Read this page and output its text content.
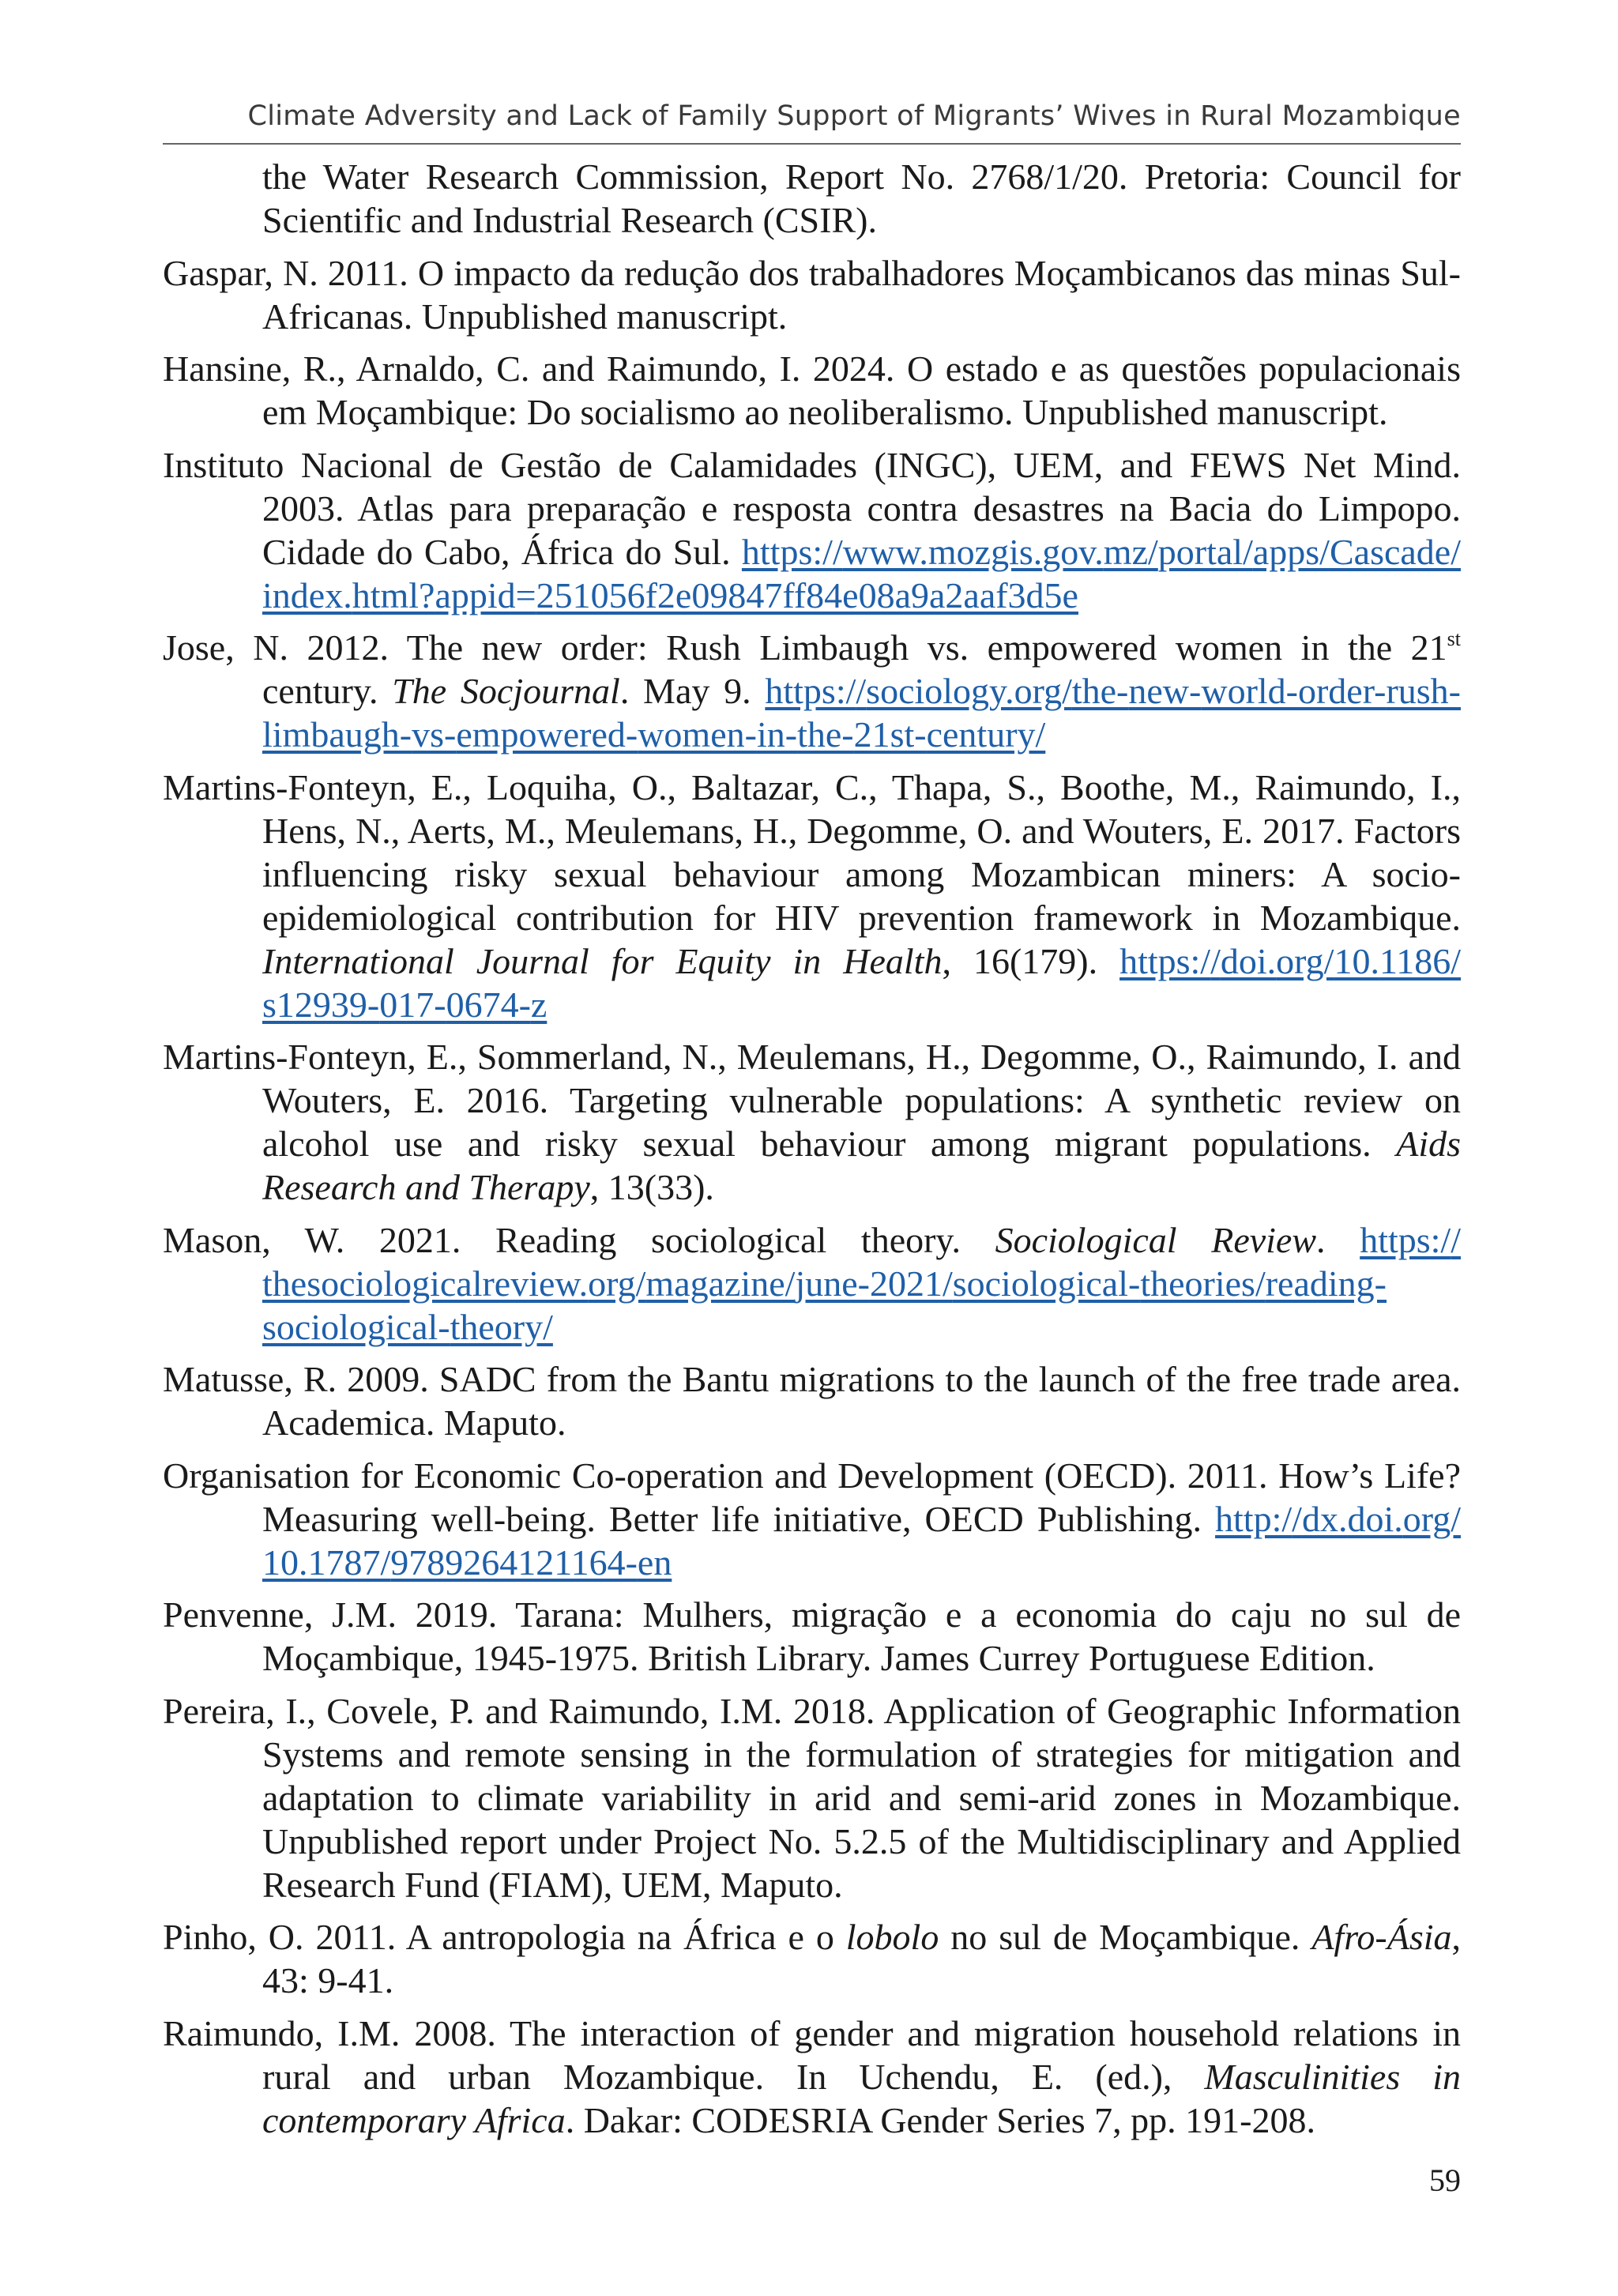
Climate Adversity and Lack of Family Support of Migrants’ Wives in Rural Mozambique

the Water Research Commission, Report No. 2768/1/20. Pretoria: Council for Scientific and Industrial Research (CSIR).

Gaspar, N. 2011. O impacto da redução dos trabalhadores Moçambicanos das minas Sul-Africanas. Unpublished manuscript.

Hansine, R., Arnaldo, C. and Raimundo, I. 2024. O estado e as questões populacionais em Moçambique: Do socialismo ao neoliberalismo. Unpublished manuscript.

Instituto Nacional de Gestão de Calamidades (INGC), UEM, and FEWS Net Mind. 2003. Atlas para preparação e resposta contra desastres na Bacia do Limpopo. Cidade do Cabo, África do Sul. https://www.mozgis.gov.mz/portal/apps/Cascade/index.html?appid=251056f2e09847ff84e08a9a2aaf3d5e

Jose, N. 2012. The new order: Rush Limbaugh vs. empowered women in the 21st century. The Socjournal. May 9. https://sociology.org/the-new-world-order-rush-limbaugh-vs-empowered-women-in-the-21st-century/

Martins-Fonteyn, E., Loquiha, O., Baltazar, C., Thapa, S., Boothe, M., Raimundo, I., Hens, N., Aerts, M., Meulemans, H., Degomme, O. and Wouters, E. 2017. Factors influencing risky sexual behaviour among Mozambican miners: A socio-epidemiological contribution for HIV prevention framework in Mozambique. International Journal for Equity in Health, 16(179). https://doi.org/10.1186/s12939-017-0674-z

Martins-Fonteyn, E., Sommerland, N., Meulemans, H., Degomme, O., Raimundo, I. and Wouters, E. 2016. Targeting vulnerable populations: A synthetic review on alcohol use and risky sexual behaviour among migrant populations. Aids Research and Therapy, 13(33).

Mason, W. 2021. Reading sociological theory. Sociological Review. https://thesociologicalreview.org/magazine/june-2021/sociological-theories/reading-sociological-theory/

Matusse, R. 2009. SADC from the Bantu migrations to the launch of the free trade area. Academica. Maputo.

Organisation for Economic Co-operation and Development (OECD). 2011. How’s Life? Measuring well-being. Better life initiative, OECD Publishing. http://dx.doi.org/10.1787/9789264121164-en

Penvenne, J.M. 2019. Tarana: Mulhers, migração e a economia do caju no sul de Moçambique, 1945-1975. British Library. James Currey Portuguese Edition.

Pereira, I., Covele, P. and Raimundo, I.M. 2018. Application of Geographic Information Systems and remote sensing in the formulation of strategies for mitigation and adaptation to climate variability in arid and semi-arid zones in Mozambique. Unpublished report under Project No. 5.2.5 of the Multidisciplinary and Applied Research Fund (FIAM), UEM, Maputo.

Pinho, O. 2011. A antropologia na África e o lobolo no sul de Moçambique. Afro-Ásia, 43: 9-41.

Raimundo, I.M. 2008. The interaction of gender and migration household relations in rural and urban Mozambique. In Uchendu, E. (ed.), Masculinities in contemporary Africa. Dakar: CODESRIA Gender Series 7, pp. 191-208.

59
